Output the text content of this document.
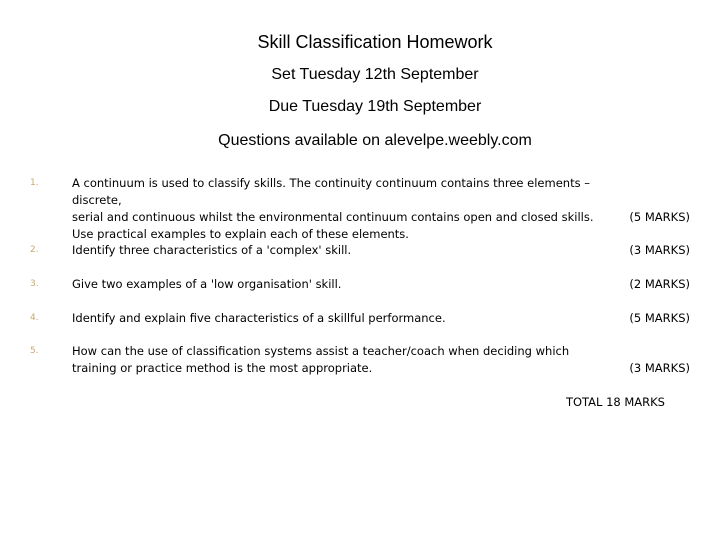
Skill Classification Homework
Set Tuesday 12th September
Due Tuesday 19th September
Questions available on alevelpe.weebly.com
1.	A continuum is used to classify skills. The continuity continuum contains three elements – discrete,
serial and continuous whilst the environmental continuum contains open and closed skills.
Use practical examples to explain each of these elements.
(5 MARKS)
2.	Identify three characteristics of a 'complex' skill.	(3 MARKS)
3.	Give two examples of a 'low organisation' skill.	(2 MARKS)
4.	Identify and explain five characteristics of a skillful performance.	(5 MARKS)
5.	How can the use of classification systems assist a teacher/coach when deciding which
training or practice method is the most appropriate.	(3 MARKS)
TOTAL 18 MARKS
